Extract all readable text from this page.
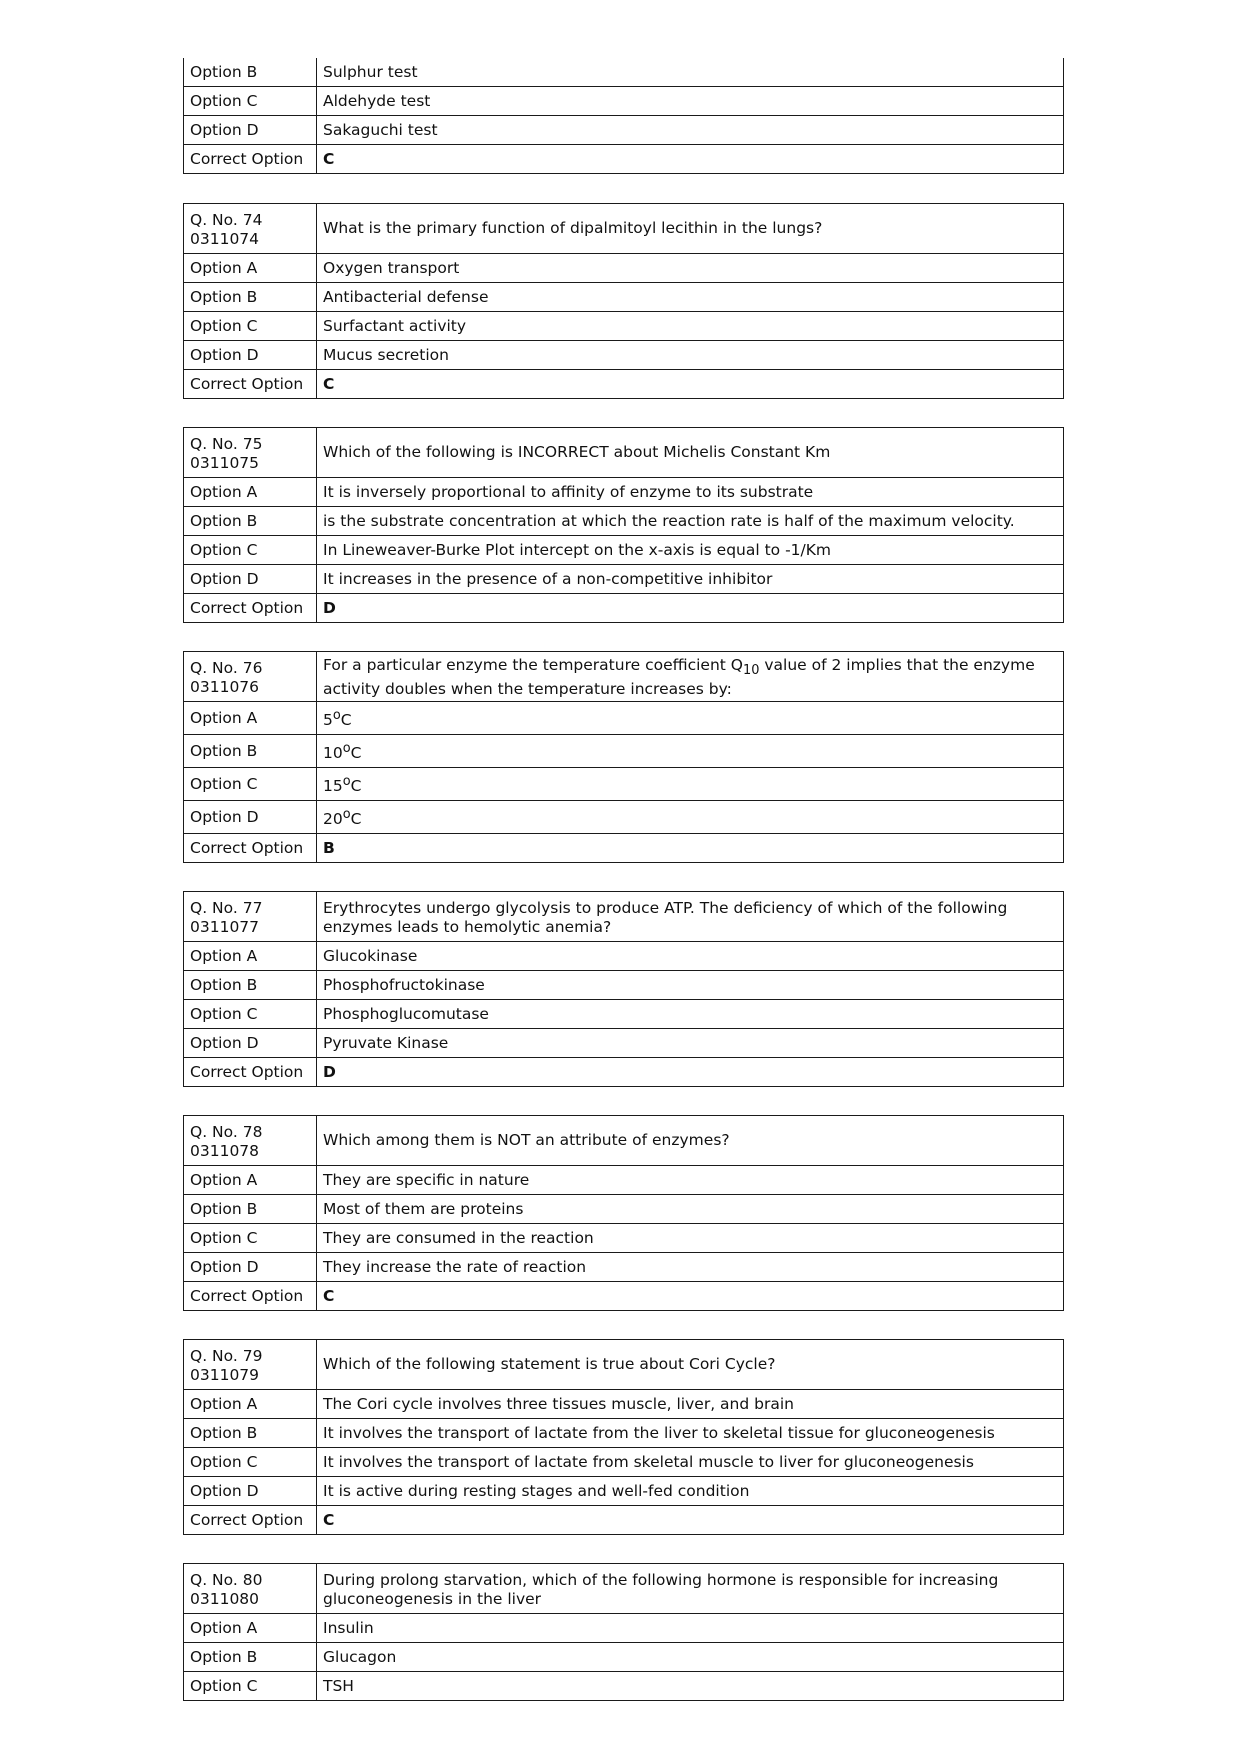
Option B	Sulphur test
Option C	Aldehyde test
Option D	Sakaguchi test
Correct Option	C
Q. No. 74
0311074	What is the primary function of dipalmitoyl lecithin in the lungs?
Option A	Oxygen transport
Option B	Antibacterial defense
Option C	Surfactant activity
Option D	Mucus secretion
Correct Option	C
Q. No. 75
0311075	Which of the following is INCORRECT about Michelis Constant Km
Option A	It is inversely proportional to affinity of enzyme to its substrate
Option B	is the substrate concentration at which the reaction rate is half of the maximum velocity.
Option C	In Lineweaver-Burke Plot intercept on the x-axis is equal to -1/Km
Option D	It increases in the presence of a non-competitive inhibitor
Correct Option	D
Q. No. 76
0311076	For a particular enzyme the temperature coefficient $Q_{10}$ value of 2 implies that the enzyme activity doubles when the temperature increases by:
Option A	5$^o$C
Option B	10$^o$C
Option C	15$^o$C
Option D	20$^o$C
Correct Option	B
Q. No. 77
0311077	Erythrocytes undergo glycolysis to produce ATP. The deficiency of which of the following enzymes leads to hemolytic anemia?
Option A	Glucokinase
Option B	Phosphofructokinase
Option C	Phosphoglucomutase
Option D	Pyruvate Kinase
Correct Option	D
Q. No. 78
0311078	Which among them is NOT an attribute of enzymes?
Option A	They are specific in nature
Option B	Most of them are proteins
Option C	They are consumed in the reaction
Option D	They increase the rate of reaction
Correct Option	C
Q. No. 79
0311079	Which of the following statement is true about Cori Cycle?
Option A	The Cori cycle involves three tissues muscle, liver, and brain
Option B	It involves the transport of lactate from the liver to skeletal tissue for gluconeogenesis
Option C	It involves the transport of lactate from skeletal muscle to liver for gluconeogenesis
Option D	It is active during resting stages and well-fed condition
Correct Option	C
Q. No. 80
0311080	During prolong starvation, which of the following hormone is responsible for increasing gluconeogenesis in the liver
Option A	Insulin
Option B	Glucagon
Option C	TSH
